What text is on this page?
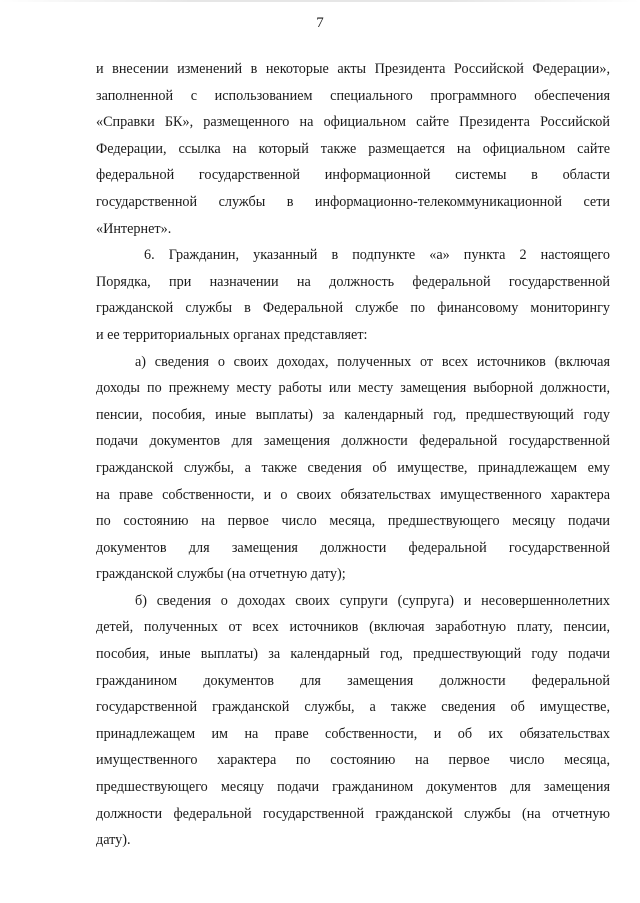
7
и внесении изменений в некоторые акты Президента Российской Федерации»,
заполненной с использованием специального программного обеспечения
«Справки БК», размещенного на официальном сайте Президента Российской
Федерации, ссылка на который также размещается на официальном сайте
федеральной государственной информационной системы в области
государственной службы в информационно-телекоммуникационной сети
«Интернет».
6. Гражданин, указанный в подпункте «а» пункта 2 настоящего
Порядка, при назначении на должность федеральной государственной
гражданской службы в Федеральной службе по финансовому мониторингу
и ее территориальных органах представляет:
а) сведения о своих доходах, полученных от всех источников (включая
доходы по прежнему месту работы или месту замещения выборной должности,
пенсии, пособия, иные выплаты) за календарный год, предшествующий году
подачи документов для замещения должности федеральной государственной
гражданской службы, а также сведения об имуществе, принадлежащем ему
на праве собственности, и о своих обязательствах имущественного характера
по состоянию на первое число месяца, предшествующего месяцу подачи
документов для замещения должности федеральной государственной
гражданской службы (на отчетную дату);
б) сведения о доходах своих супруги (супруга) и несовершеннолетних
детей, полученных от всех источников (включая заработную плату, пенсии,
пособия, иные выплаты) за календарный год, предшествующий году подачи
гражданином документов для замещения должности федеральной
государственной гражданской службы, а также сведения об имуществе,
принадлежащем им на праве собственности, и об их обязательствах
имущественного характера по состоянию на первое число месяца,
предшествующего месяцу подачи гражданином документов для замещения
должности федеральной государственной гражданской службы (на отчетную
дату).
